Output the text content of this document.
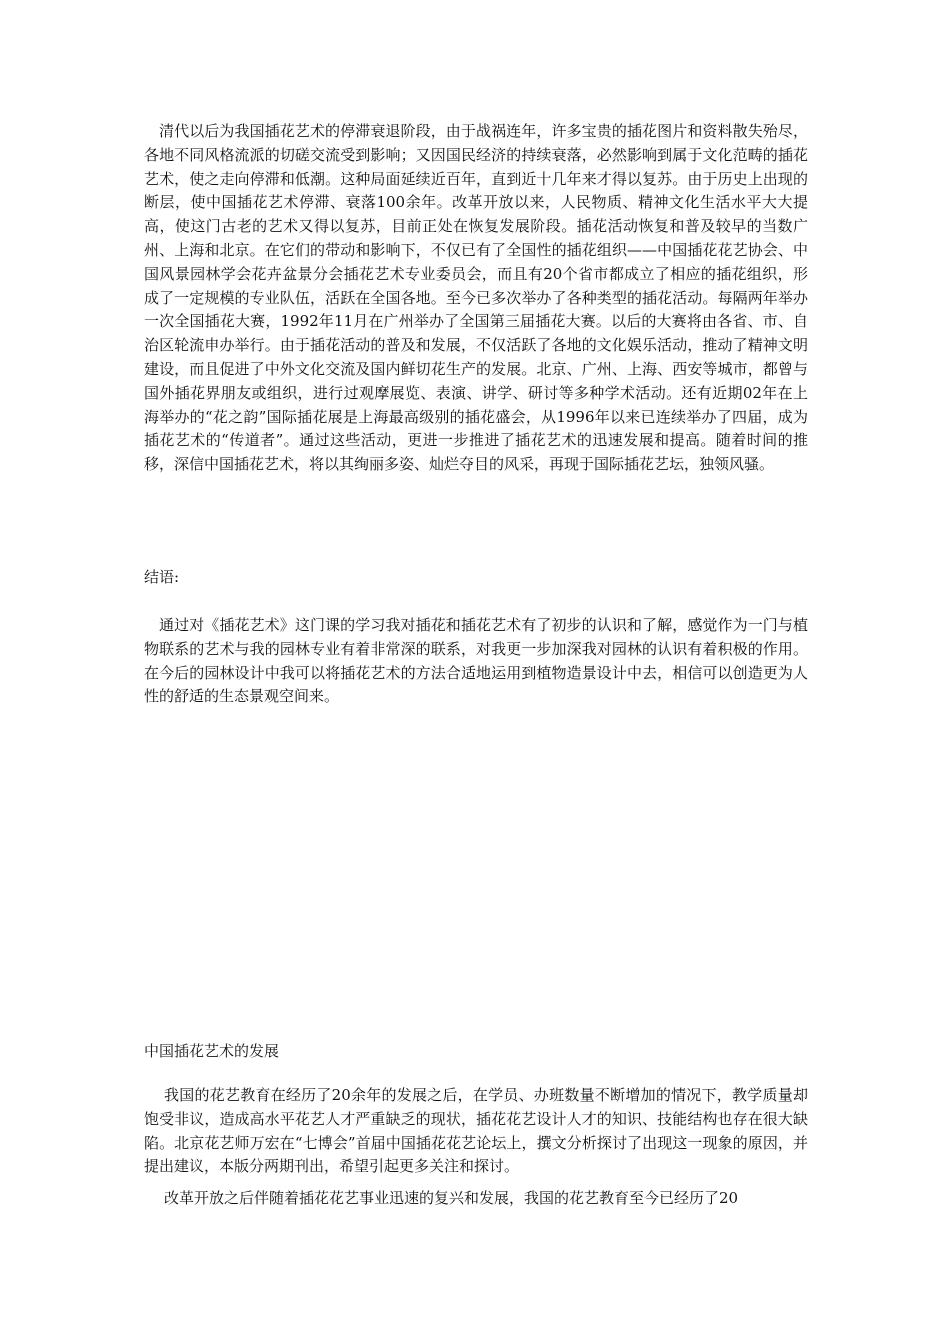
清代以后为我国插花艺术的停滞衰退阶段，由于战祸连年，许多宝贵的插花图片和资料散失殆尽，各地不同风格流派的切磋交流受到影响；又因国民经济的持续衰落，必然影响到属于文化范畴的插花艺术，使之走向停滞和低潮。这种局面延续近百年，直到近十几年来才得以复苏。由于历史上出现的断层，使中国插花艺术停滞、衰落100余年。改革开放以来，人民物质、精神文化生活水平大大提高，使这门古老的艺术又得以复苏，目前正处在恢复发展阶段。插花活动恢复和普及较早的当数广州、上海和北京。在它们的带动和影响下，不仅已有了全国性的插花组织——中国插花花艺协会、中国风景园林学会花卉盆景分会插花艺术专业委员会，而且有20个省市都成立了相应的插花组织，形成了一定规模的专业队伍，活跃在全国各地。至今已多次举办了各种类型的插花活动。每隔两年举办一次全国插花大赛，1992年11月在广州举办了全国第三届插花大赛。以后的大赛将由各省、市、自治区轮流申办举行。由于插花活动的普及和发展，不仅活跃了各地的文化娱乐活动，推动了精神文明建设，而且促进了中外文化交流及国内鲜切花生产的发展。北京、广州、上海、西安等城市，都曾与国外插花界朋友或组织，进行过观摩展览、表演、讲学、研讨等多种学术活动。还有近期02年在上海举办的“花之韵”国际插花展是上海最高级别的插花盛会，从1996年以来已连续举办了四届，成为插花艺术的“传道者”。通过这些活动，更进一步推进了插花艺术的迅速发展和提高。随着时间的推移，深信中国插花艺术，将以其绚丽多姿、灿烂夺目的风采，再现于国际插花艺坛，独领风骚。

结语:

通过对《插花艺术》这门课的学习我对插花和插花艺术有了初步的认识和了解，感觉作为一门与植物联系的艺术与我的园林专业有着非常深的联系，对我更一步加深我对园林的认识有着积极的作用。在今后的园林设计中我可以将插花艺术的方法合适地运用到植物造景设计中去，相信可以创造更为人性的舒适的生态景观空间来。

中国插花艺术的发展

我国的花艺教育在经历了20余年的发展之后，在学员、办班数量不断增加的情况下，教学质量却饱受非议，造成高水平花艺人才严重缺乏的现状，插花花艺设计人才的知识、技能结构也存在很大缺陷。北京花艺师万宏在“七博会”首届中国插花花艺论坛上，撰文分析探讨了出现这一现象的原因，并提出建议，本版分两期刊出，希望引起更多关注和探讨。

改革开放之后伴随着插花花艺事业迅速的复兴和发展，我国的花艺教育至今已经历了20
